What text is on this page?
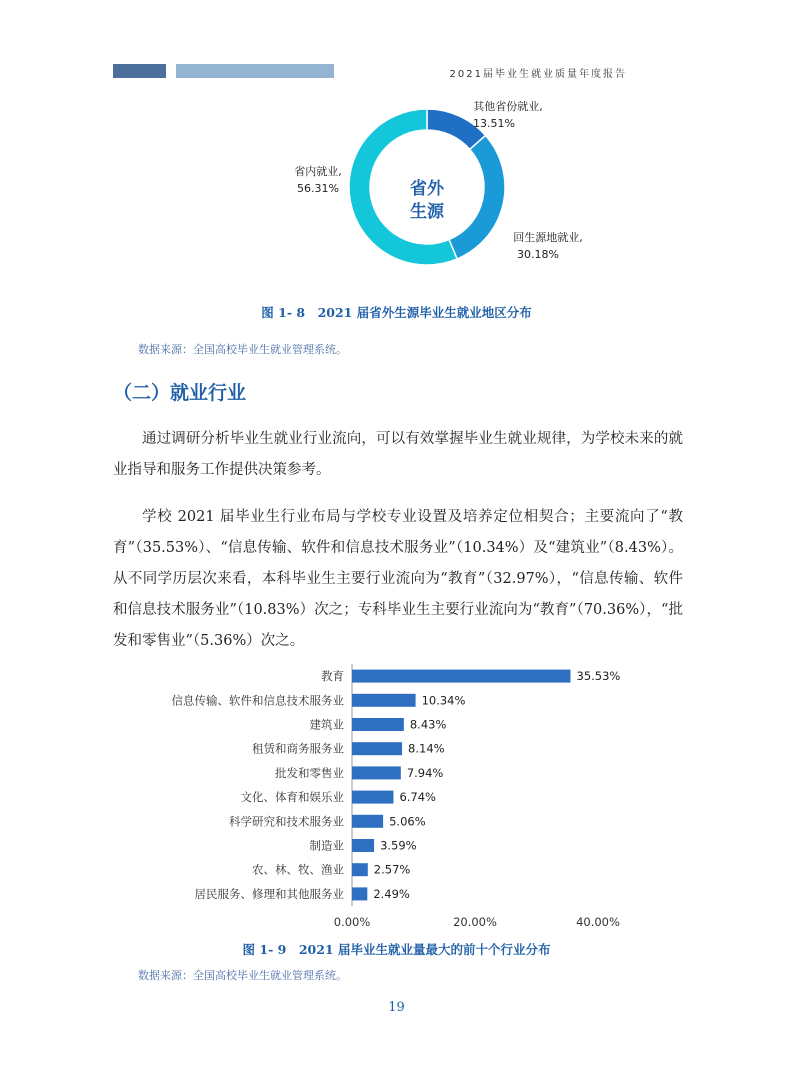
2021届毕业生就业质量年度报告
省外
生源
其他省份就业,
13.51%
回生源地就业,
30.18%
省内就业,
56.31%
图 1- 8　2021 届省外生源毕业生就业地区分布
数据来源：全国高校毕业生就业管理系统。
（二）就业行业
通过调研分析毕业生就业行业流向，可以有效掌握毕业生就业规律，为学校未来的就业指导和服务工作提供决策参考。
学校 2021 届毕业生行业布局与学校专业设置及培养定位相契合；主要流向了“教育”（35.53%）、“信息传输、软件和信息技术服务业”（10.34%）及“建筑业”（8.43%）。从不同学历层次来看，本科毕业生主要行业流向为“教育”（32.97%），“信息传输、软件和信息技术服务业”（10.83%）次之；专科毕业生主要行业流向为“教育”（70.36%），“批发和零售业”（5.36%）次之。
教育	35.53%
信息传输、软件和信息技术服务业	10.34%
建筑业	8.43%
租赁和商务服务业	8.14%
批发和零售业	7.94%
文化、体育和娱乐业	6.74%
科学研究和技术服务业	5.06%
制造业	3.59%
农、林、牧、渔业	2.57%
居民服务、修理和其他服务业	2.49%
0.00%	20.00%	40.00%
图 1- 9　2021 届毕业生就业量最大的前十个行业分布
数据来源：全国高校毕业生就业管理系统。
19
